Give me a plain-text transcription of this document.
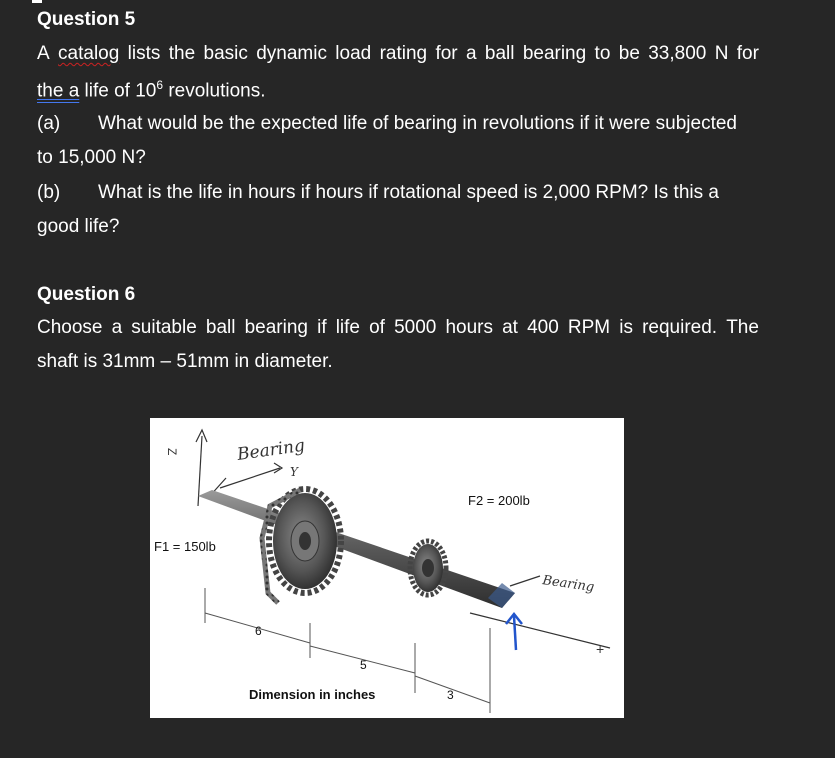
Question 5
A catalog lists the basic dynamic load rating for a ball bearing to be 33,800 N for
the a life of $10^6$ revolutions.
(a) What would be the expected life of bearing in revolutions if it were subjected
to 15,000 N?
(b) What is the life in hours if hours if rotational speed is 2,000 RPM? Is this a
good life?
Question 6
Choose a suitable ball bearing if life of 5000 hours at 400 RPM is required. The
shaft is 31mm – 51mm in diameter.
Z
Y
Bearing
Bearing
+
F2 = 200lb
F1 = 150lb
6
5
3
Dimension in inches
